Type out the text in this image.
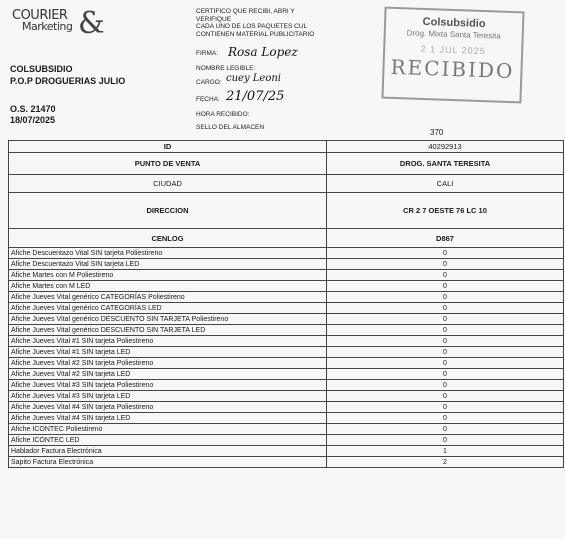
COURIER
Marketing &
COLSUBSIDIO
P.O.P DROGUERIAS JULIO
O.S. 21470
18/07/2025
CERTIFICO QUE RECIBI, ABRI Y
VERIFIQUE
CADA UNO DE LOS PAQUETES CUL
CONTIENEN MATERIAL PUBLICITARIO
FIRMA: Rosa Lopez
NOMBRE LEGIBLE:
CARGO: cuey Leoni
FECHA: 21/07/25
HORA RECIBIDO:
SELLO DEL ALMACEN
Colsubsidio
Drog. Mixta Santa Teresita
2 1 JUL 2025
RECIBIDO
370
ID	40292913
PUNTO DE VENTA	DROG. SANTA TERESITA
CIUDAD	CALI
DIRECCION	CR 2 7 OESTE 76 LC 10
CENLOG	D867
Afiche Descuentazo Vital SIN tarjeta Poliestireno	0
Afiche Descuentazo Vital SIN tarjeta LED	0
Afiche Martes con M Poliestireno	0
Afiche Martes con M LED	0
Afiche Jueves Vital genérico CATEGORÍAS Poliestireno	0
Afiche Jueves Vital genérico CATEGORÍAS LED	0
Afiche Jueves Vital genérico DESCUENTO SIN TARJETA Poliestireno	0
Afiche Jueves Vital genérico DESCUENTO SIN TARJETA LED	0
Afiche Jueves Vital #1 SIN tarjeta Poliestireno	0
Afiche Jueves Vital #1 SIN tarjeta LED	0
Afiche Jueves Vital #2 SIN tarjeta Poliestireno	0
Afiche Jueves Vital #2 SIN tarjeta LED	0
Afiche Jueves Vital #3 SIN tarjeta Poliestireno	0
Afiche Jueves Vital #3 SIN tarjeta LED	0
Afiche Jueves Vital #4 SIN tarjeta Poliestireno	0
Afiche Jueves Vital #4 SIN tarjeta LED	0
Afiche ICONTEC Poliestireno	0
Afiche ICONTEC LED	0
Hablador Factura Electrónica	1
Sapito Factura Electrónica	2
